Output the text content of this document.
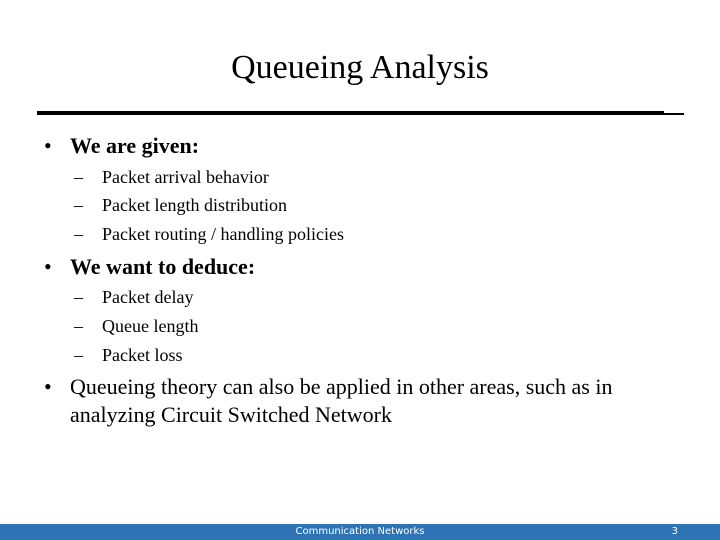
Queueing Analysis
• We are given:
– Packet arrival behavior
– Packet length distribution
– Packet routing / handling policies
• We want to deduce:
– Packet delay
– Queue length
– Packet loss
• Queueing theory can also be applied in other areas, such as in analyzing Circuit Switched Network
Communication Networks	3
